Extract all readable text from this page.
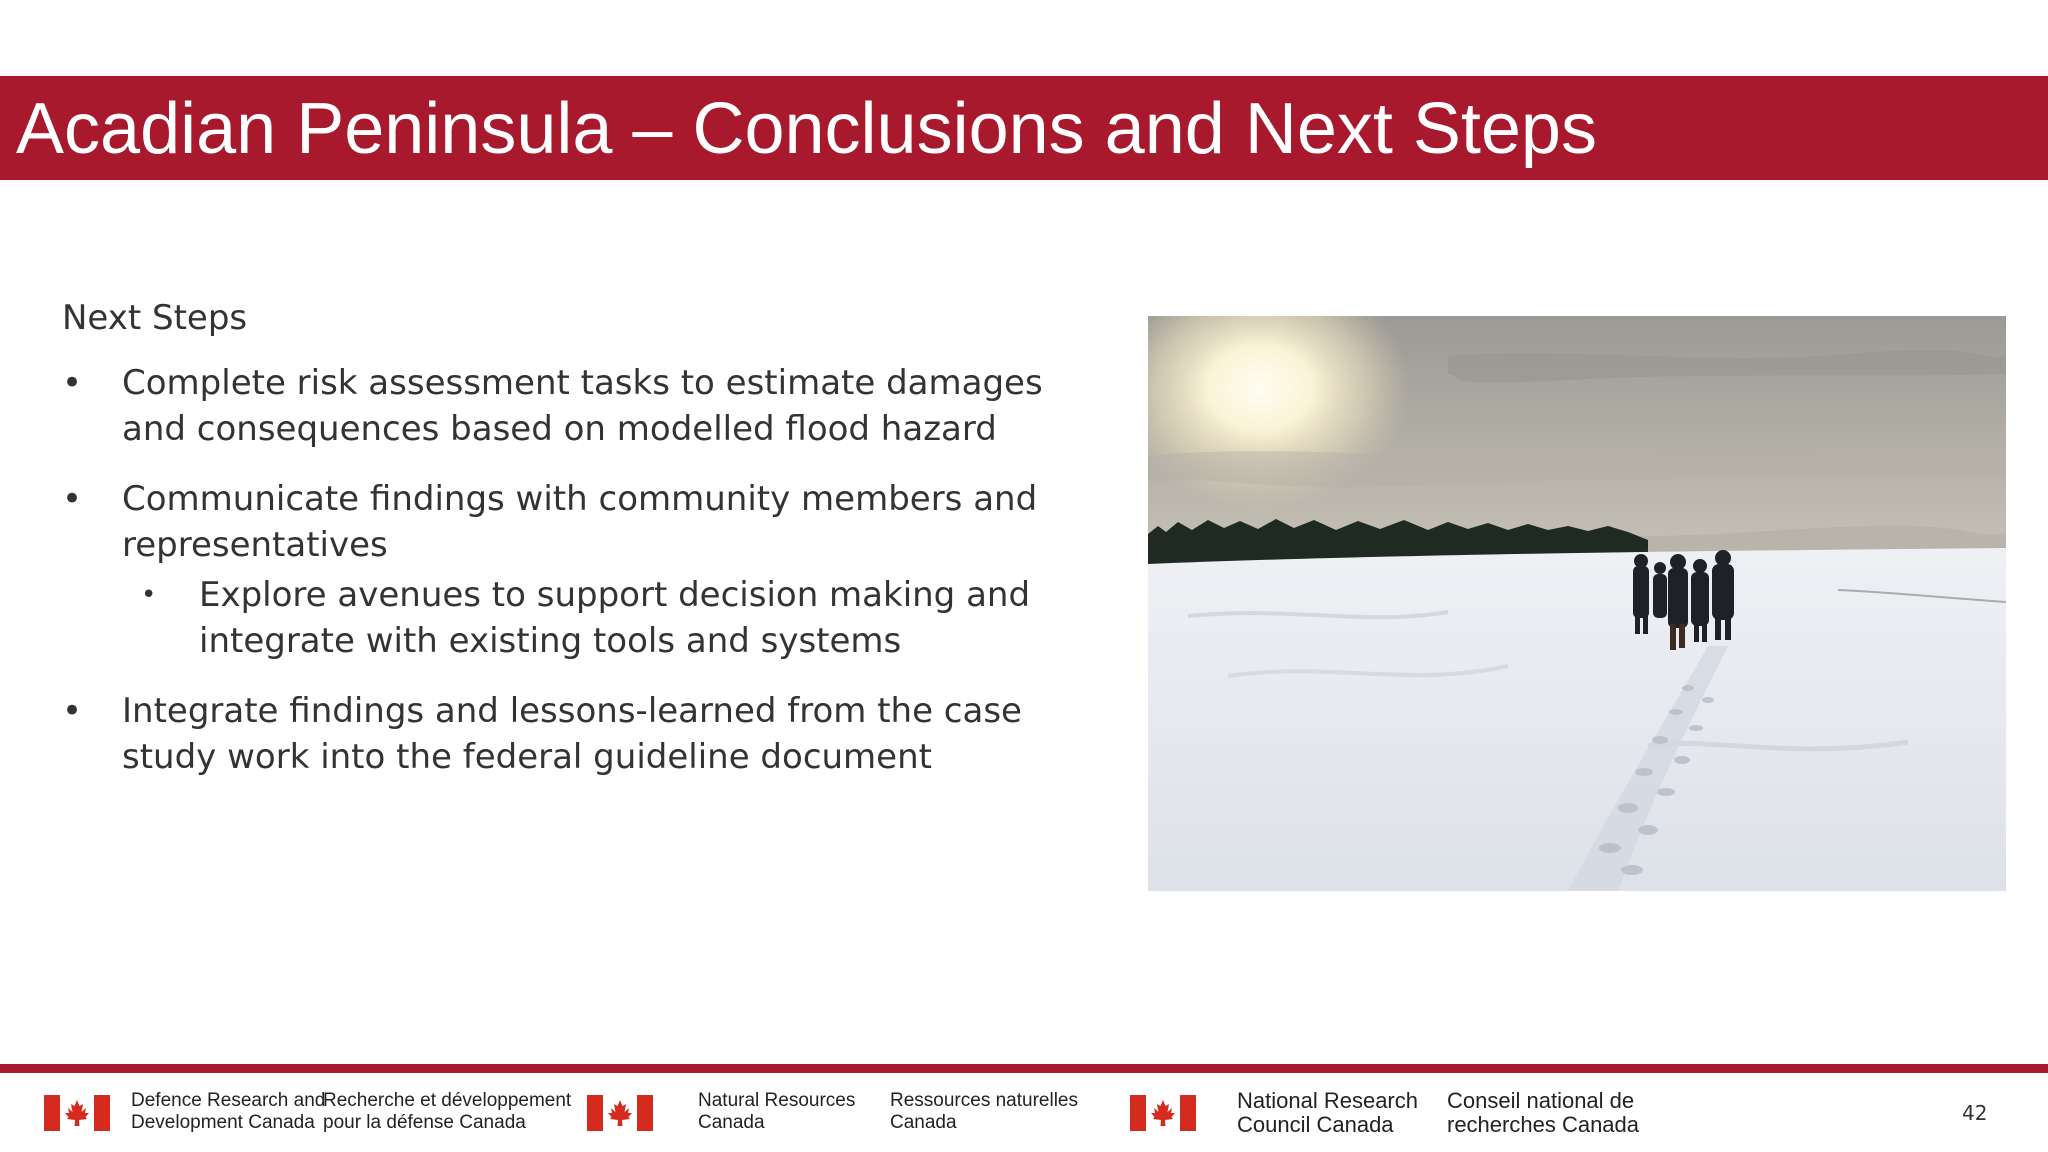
Acadian Peninsula – Conclusions and Next Steps
Next Steps
• Complete risk assessment tasks to estimate damages and consequences based on modelled flood hazard
• Communicate findings with community members and representatives
• Explore avenues to support decision making and integrate with existing tools and systems
• Integrate findings and lessons-learned from the case study work into the federal guideline document
Defence Research and
Development Canada
Recherche et développement
pour la défense Canada
Natural Resources
Canada
Ressources naturelles
Canada
National Research
Council Canada
Conseil national de
recherches Canada	42
